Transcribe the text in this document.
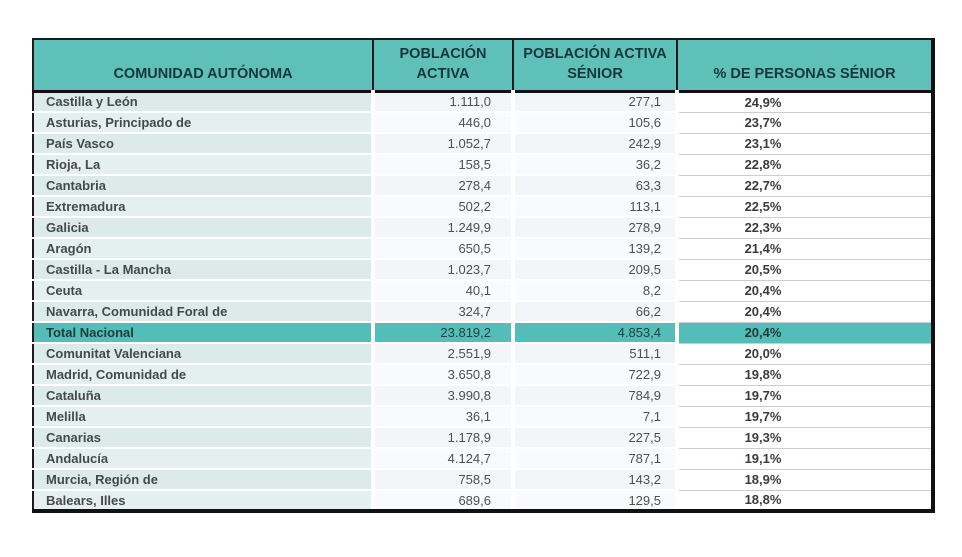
COMUNIDAD AUTÓNOMA	POBLACIÓN ACTIVA	POBLACIÓN ACTIVA SÉNIOR	% DE PERSONAS SÉNIOR
Castilla y León	1.111,0	277,1	24,9%
Asturias, Principado de	446,0	105,6	23,7%
País Vasco	1.052,7	242,9	23,1%
Rioja, La	158,5	36,2	22,8%
Cantabria	278,4	63,3	22,7%
Extremadura	502,2	113,1	22,5%
Galicia	1.249,9	278,9	22,3%
Aragón	650,5	139,2	21,4%
Castilla - La Mancha	1.023,7	209,5	20,5%
Ceuta	40,1	8,2	20,4%
Navarra, Comunidad Foral de	324,7	66,2	20,4%
Total Nacional	23.819,2	4.853,4	20,4%
Comunitat Valenciana	2.551,9	511,1	20,0%
Madrid, Comunidad de	3.650,8	722,9	19,8%
Cataluña	3.990,8	784,9	19,7%
Melilla	36,1	7,1	19,7%
Canarias	1.178,9	227,5	19,3%
Andalucía	4.124,7	787,1	19,1%
Murcia, Región de	758,5	143,2	18,9%
Balears, Illes	689,6	129,5	18,8%
